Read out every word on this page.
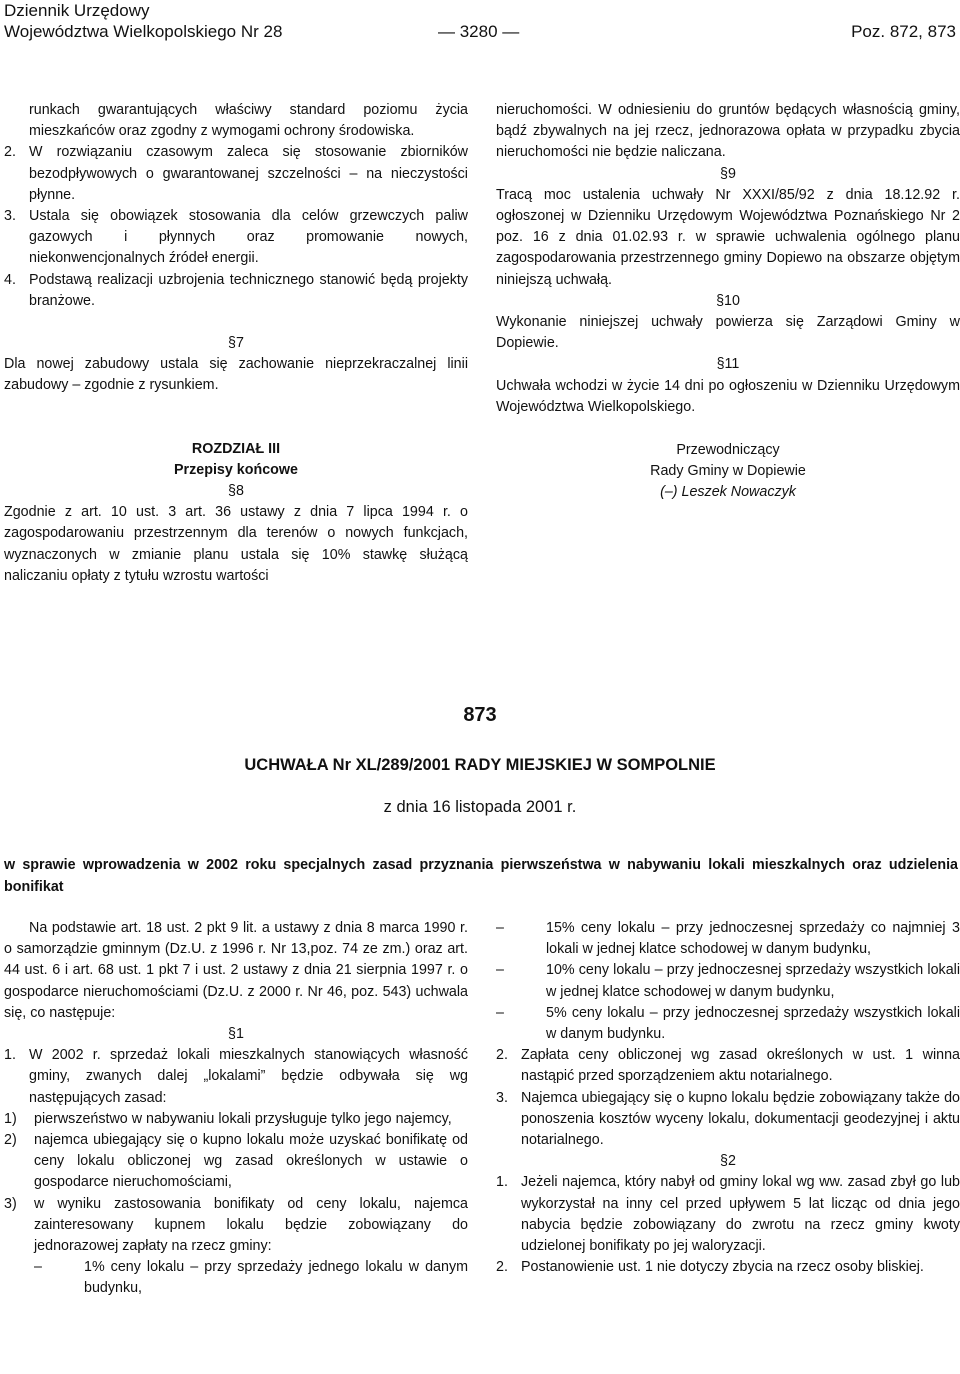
Dziennik Urzędowy
Województwa Wielkopolskiego Nr 28	— 3280 —	Poz. 872, 873

runkach gwarantujących właściwy standard poziomu życia mieszkańców oraz zgodny z wymogami ochrony środowiska.

2. W rozwiązaniu czasowym zaleca się stosowanie zbiorników bezodpływowych o gwarantowanej szczelności – na nieczystości płynne.
3. Ustala się obowiązek stosowania dla celów grzewczych paliw gazowych i płynnych oraz promowanie nowych, niekonwencjonalnych źródeł energii.
4. Podstawą realizacji uzbrojenia technicznego stanowić będą projekty branżowe.

§7

Dla nowej zabudowy ustala się zachowanie nieprzekraczalnej linii zabudowy – zgodnie z rysunkiem.

ROZDZIAŁ III

Przepisy końcowe

§8

Zgodnie z art. 10 ust. 3 art. 36 ustawy z dnia 7 lipca 1994 r. o zagospodarowaniu przestrzennym dla terenów o nowych funkcjach, wyznaczonych w zmianie planu ustala się 10% stawkę służącą naliczaniu opłaty z tytułu wzrostu wartości

nieruchomości. W odniesieniu do gruntów będących własnością gminy, bądź zbywalnych na jej rzecz, jednorazowa opłata w przypadku zbycia nieruchomości nie będzie naliczana.

§9

Tracą moc ustalenia uchwały Nr XXXI/85/92 z dnia 18.12.92 r. ogłoszonej w Dzienniku Urzędowym Województwa Poznańskiego Nr 2 poz. 16 z dnia 01.02.93 r. w sprawie uchwalenia ogólnego planu zagospodarowania przestrzennego gminy Dopiewo na obszarze objętym niniejszą uchwałą.

§10

Wykonanie niniejszej uchwały powierza się Zarządowi Gminy w Dopiewie.

§11

Uchwała wchodzi w życie 14 dni po ogłoszeniu w Dzienniku Urzędowym Województwa Wielkopolskiego.

Przewodniczący

Rady Gminy w Dopiewie

(–) Leszek Nowaczyk

873
UCHWAŁA Nr XL/289/2001 RADY MIEJSKIEJ W SOMPOLNIE
z dnia 16 listopada 2001 r.
w sprawie wprowadzenia w 2002 roku specjalnych zasad przyznania pierwszeństwa w nabywaniu lokali mieszkalnych oraz udzielenia bonifikat

Na podstawie art. 18 ust. 2 pkt 9 lit. a ustawy z dnia 8 marca 1990 r. o samorządzie gminnym (Dz.U. z 1996 r. Nr 13,poz. 74 ze zm.) oraz art. 44 ust. 6 i art. 68 ust. 1 pkt 7 i ust. 2 ustawy z dnia 21 sierpnia 1997 r. o gospodarce nieruchomościami (Dz.U. z 2000 r. Nr 46, poz. 543) uchwala się, co następuje:

§1

1. W 2002 r. sprzedaż lokali mieszkalnych stanowiących własność gminy, zwanych dalej „lokalami” będzie odbywała się wg następujących zasad:
1)	pierwszeństwo w nabywaniu lokali przysługuje tylko jego najemcy,
2)	najemca ubiegający się o kupno lokalu może uzyskać bonifikatę od ceny lokalu obliczonej wg zasad określonych w ustawie o gospodarce nieruchomościami,
3)	w wyniku zastosowania bonifikaty od ceny lokalu, najemca zainteresowany kupnem lokalu będzie zobowiązany do jednorazowej zapłaty na rzecz gminy:
–	1% ceny lokalu – przy sprzedaży jednego lokalu w danym budynku,
–	15% ceny lokalu – przy jednoczesnej sprzedaży co najmniej 3 lokali w jednej klatce schodowej w danym budynku,
–	10% ceny lokalu – przy jednoczesnej sprzedaży wszystkich lokali w jednej klatce schodowej w danym budynku,
–	5% ceny lokalu – przy jednoczesnej sprzedaży wszystkich lokali w danym budynku.
2. Zapłata ceny obliczonej wg zasad określonych w ust. 1 winna nastąpić przed sporządzeniem aktu notarialnego.
3. Najemca ubiegający się o kupno lokalu będzie zobowiązany także do ponoszenia kosztów wyceny lokalu, dokumentacji geodezyjnej i aktu notarialnego.

§2

1. Jeżeli najemca, który nabył od gminy lokal wg ww. zasad zbył go lub wykorzystał na inny cel przed upływem 5 lat licząc od dnia jego nabycia będzie zobowiązany do zwrotu na rzecz gminy kwoty udzielonej bonifikaty po jej waloryzacji.
2. Postanowienie ust. 1 nie dotyczy zbycia na rzecz osoby bliskiej.
